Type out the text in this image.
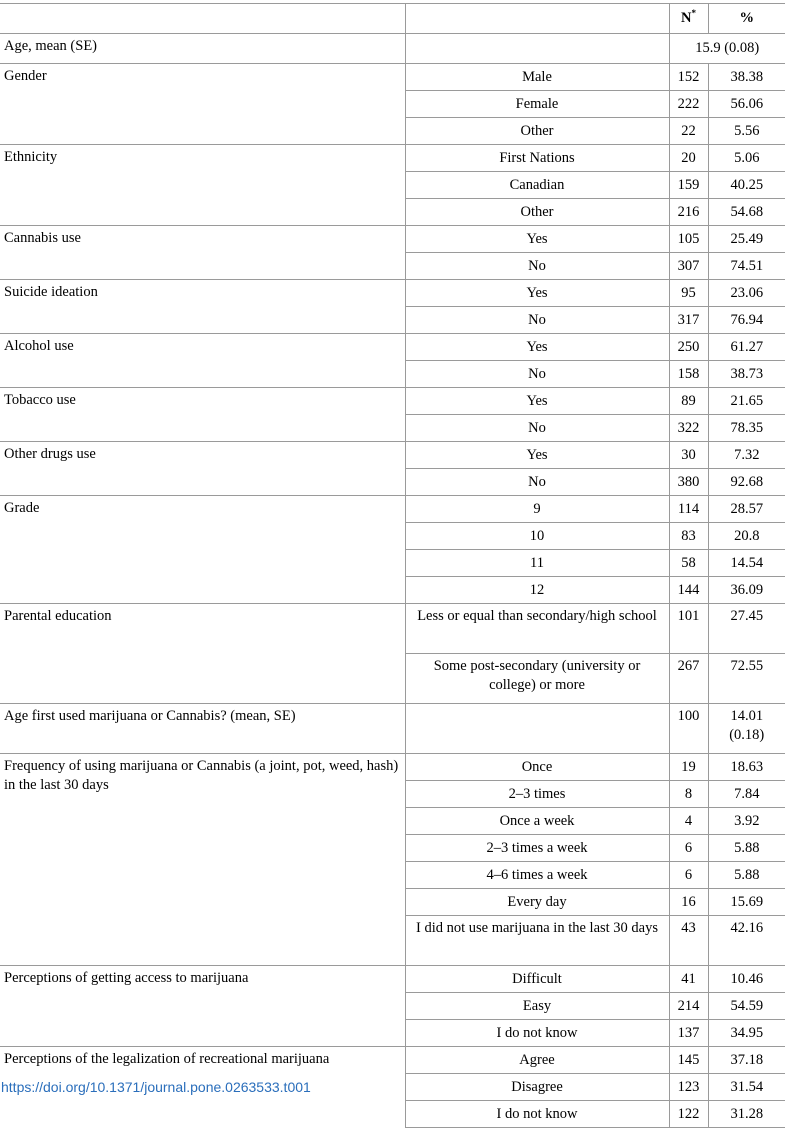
		N*	%
Age, mean (SE)		15.9 (0.08)	
Gender	Male	152	38.38
	Female	222	56.06
	Other	22	5.56
Ethnicity	First Nations	20	5.06
	Canadian	159	40.25
	Other	216	54.68
Cannabis use	Yes	105	25.49
	No	307	74.51
Suicide ideation	Yes	95	23.06
	No	317	76.94
Alcohol use	Yes	250	61.27
	No	158	38.73
Tobacco use	Yes	89	21.65
	No	322	78.35
Other drugs use	Yes	30	7.32
	No	380	92.68
Grade	9	114	28.57
	10	83	20.8
	11	58	14.54
	12	144	36.09
Parental education	Less or equal than secondary/high school	101	27.45
	Some post-secondary (university or college) or more	267	72.55
Age first used marijuana or Cannabis? (mean, SE)		100	14.01 (0.18)
Frequency of using marijuana or Cannabis (a joint, pot, weed, hash) in the last 30 days	Once	19	18.63
	2–3 times	8	7.84
	Once a week	4	3.92
	2–3 times a week	6	5.88
	4–6 times a week	6	5.88
	Every day	16	15.69
	I did not use marijuana in the last 30 days	43	42.16
Perceptions of getting access to marijuana	Difficult	41	10.46
	Easy	214	54.59
	I do not know	137	34.95
Perceptions of the legalization of recreational marijuana	Agree	145	37.18
	Disagree	123	31.54
	I do not know	122	31.28
https://doi.org/10.1371/journal.pone.0263533.t001
